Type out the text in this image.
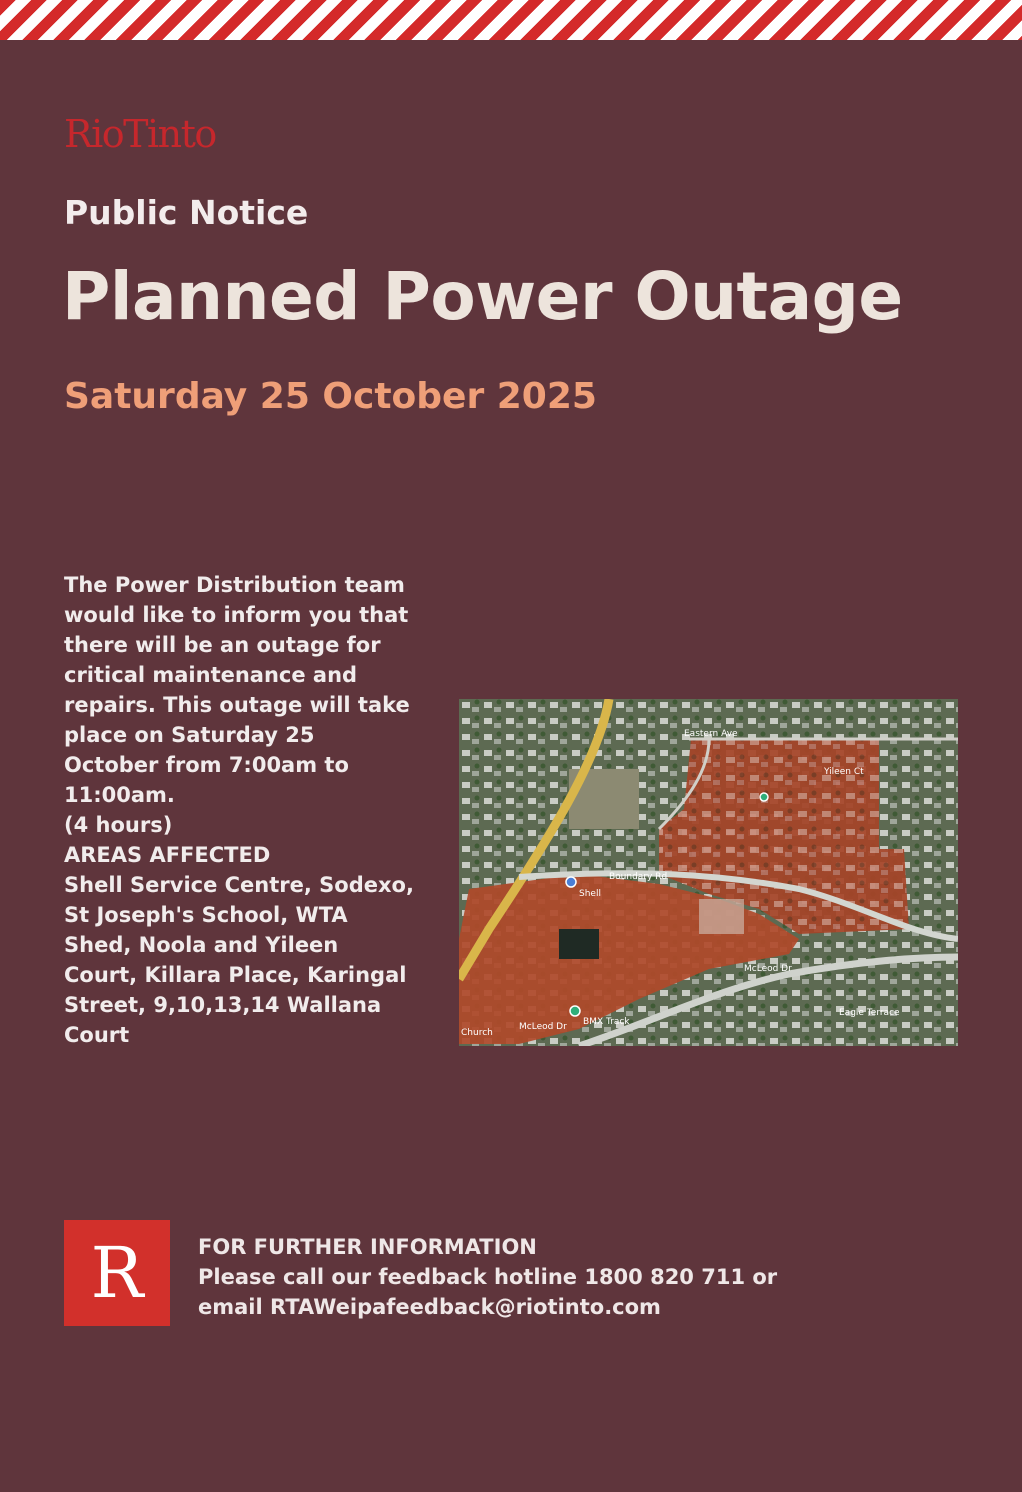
RioTinto
Public Notice
Planned Power Outage
Saturday 25 October 2025

The Power Distribution team would like to inform you that there will be an outage for critical maintenance and repairs. This outage will take place on Saturday 25 October from 7:00am to 11:00am.

(4 hours)

AREAS AFFECTED

Shell Service Centre, Sodexo, St Joseph's School, WTA Shed, Noola and Yileen Court, Killara Place, Karingal Street, 9,10,13,14 Wallana Court

Eastern Ave
Yileen Ct
Boundary Rd
Shell
McLeod Dr
McLeod Dr BMX Track
Eagle Terrace
Church
R	FOR FURTHER INFORMATION

Please call our feedback hotline 1800 820 711 or

email RTAWeipafeedback@riotinto.com
